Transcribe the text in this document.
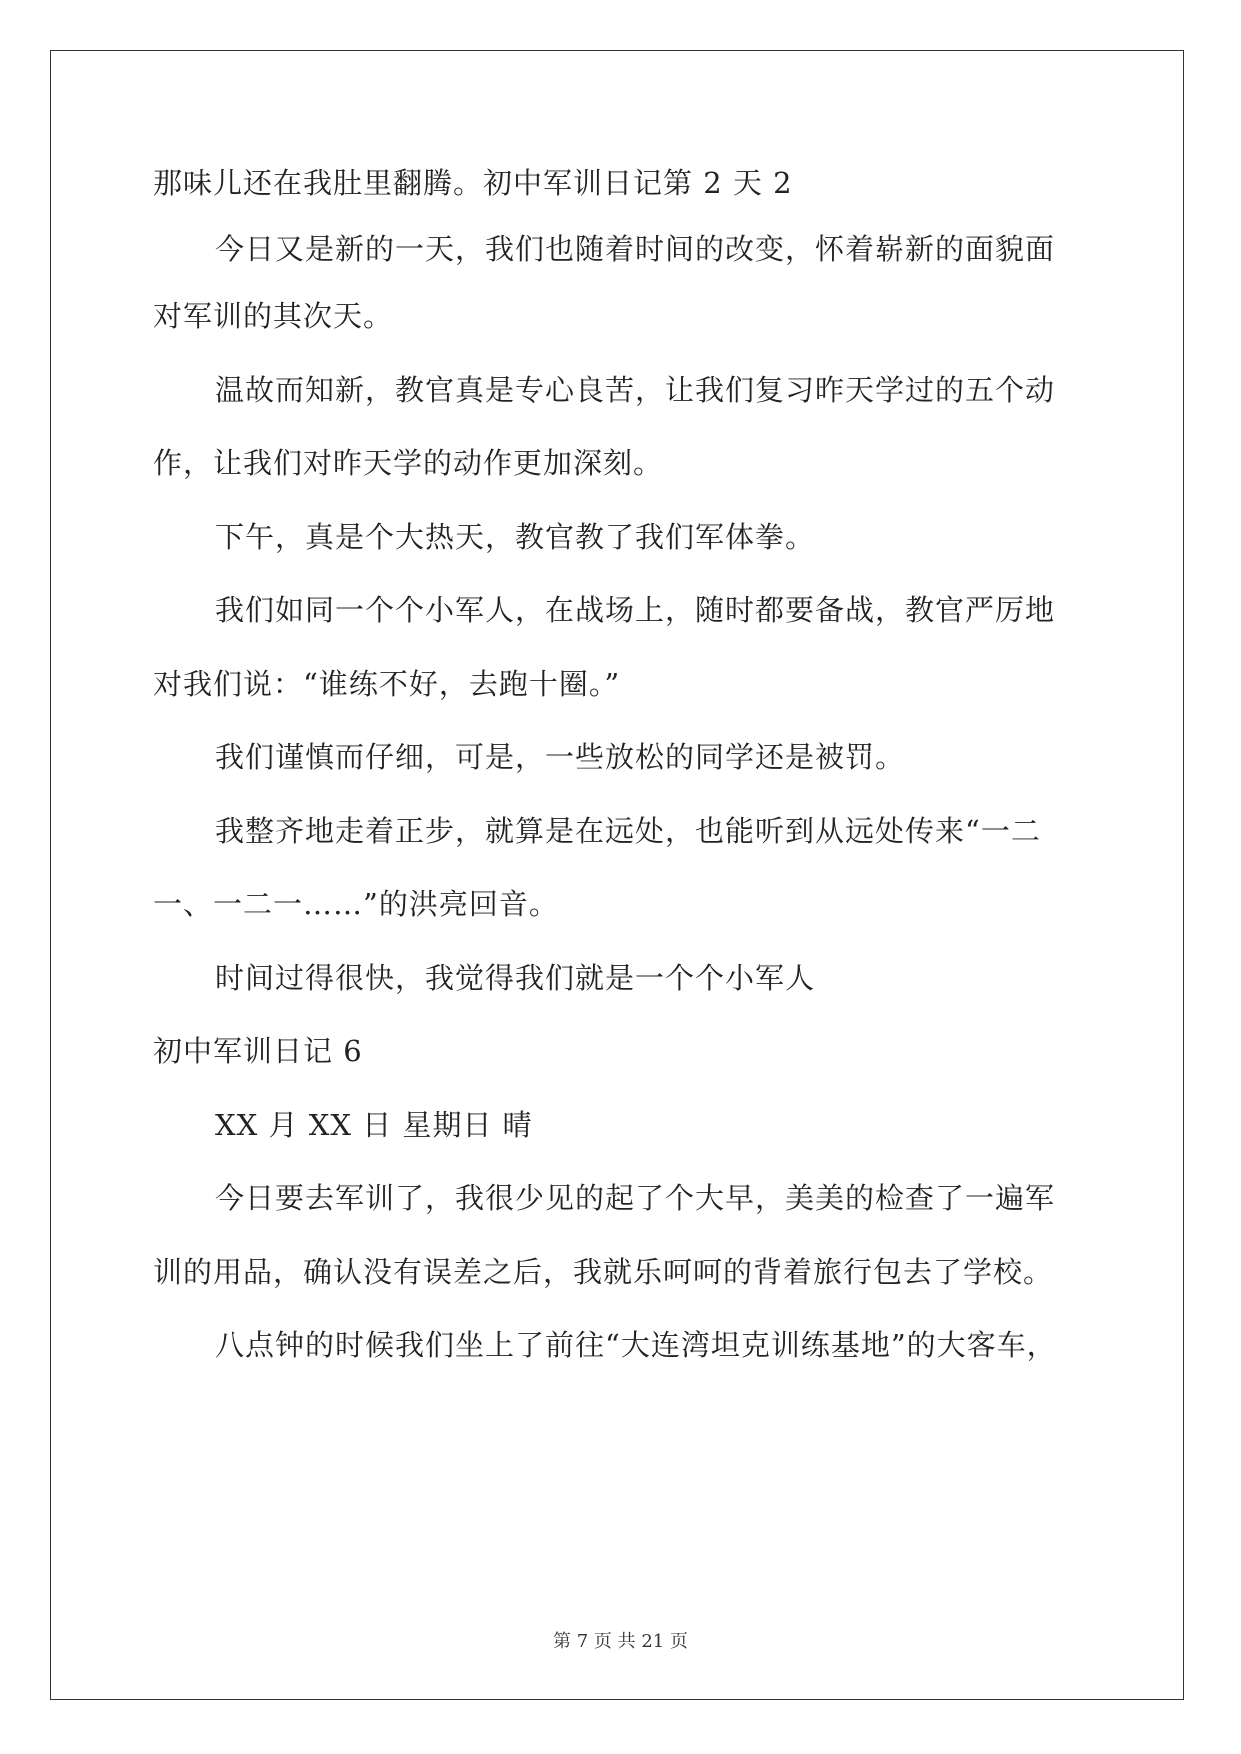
那味儿还在我肚里翻腾。初中军训日记第 2 天 2
今日又是新的一天，我们也随着时间的改变，怀着崭新的面貌面
对军训的其次天。
温故而知新，教官真是专心良苦，让我们复习昨天学过的五个动
作，让我们对昨天学的动作更加深刻。
下午，真是个大热天，教官教了我们军体拳。
我们如同一个个小军人，在战场上，随时都要备战，教官严厉地
对我们说：“谁练不好，去跑十圈。”
我们谨慎而仔细，可是，一些放松的同学还是被罚。
我整齐地走着正步，就算是在远处，也能听到从远处传来“一二
一、一二一……”的洪亮回音。
时间过得很快，我觉得我们就是一个个小军人
初中军训日记 6
XX 月 XX 日 星期日 晴
今日要去军训了，我很少见的起了个大早，美美的检查了一遍军
训的用品，确认没有误差之后，我就乐呵呵的背着旅行包去了学校。
八点钟的时候我们坐上了前往“大连湾坦克训练基地”的大客车，
第 7 页 共 21 页
